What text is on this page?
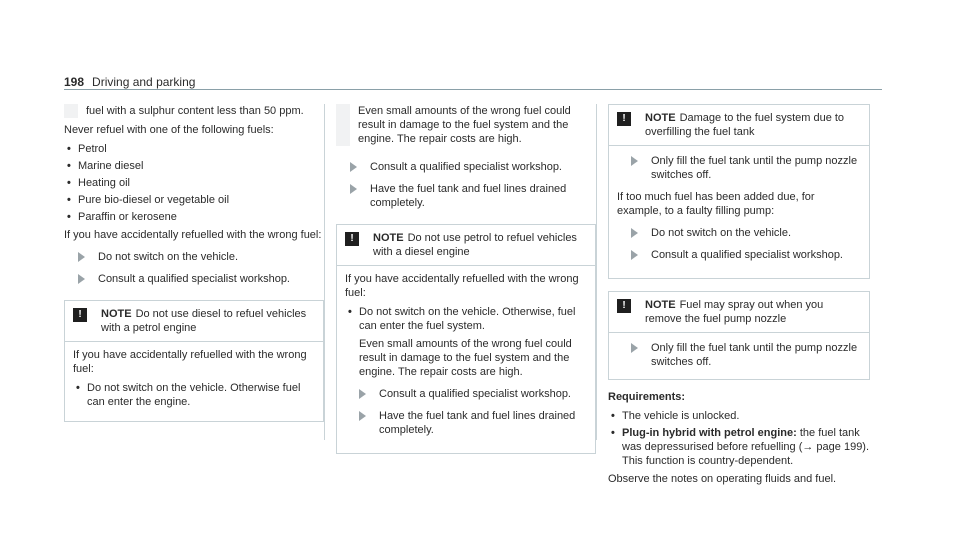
198 Driving and parking

fuel with a sulphur content less than 50 ppm.

Never refuel with one of the following fuels:

• Petrol
• Marine diesel
• Heating oil
• Pure bio-diesel or vegetable oil
• Paraffin or kerosene

If you have accidentally refuelled with the wrong fuel:

Do not switch on the vehicle.
Consult a qualified specialist workshop.
!	NOTE Do not use diesel to refuel vehicles with a petrol engine

If you have accidentally refuelled with the wrong fuel:

• Do not switch on the vehicle. Otherwise fuel can enter the engine.

Even small amounts of the wrong fuel could result in damage to the fuel system and the engine. The repair costs are high.

Consult a qualified specialist workshop.
Have the fuel tank and fuel lines drained completely.
!	NOTE Do not use petrol to refuel vehicles with a diesel engine

If you have accidentally refuelled with the wrong fuel:

• Do not switch on the vehicle. Otherwise, fuel can enter the fuel system.

Even small amounts of the wrong fuel could result in damage to the fuel system and the engine. The repair costs are high.

Consult a qualified specialist workshop.
Have the fuel tank and fuel lines drained completely.
!	NOTE Damage to the fuel system due to overfilling the fuel tank
Only fill the fuel tank until the pump nozzle switches off.

If too much fuel has been added due, for example, to a faulty filling pump:

Do not switch on the vehicle.
Consult a qualified specialist workshop.
!	NOTE Fuel may spray out when you remove the fuel pump nozzle
Only fill the fuel tank until the pump nozzle switches off.

Requirements:

• The vehicle is unlocked.
• Plug-in hybrid with petrol engine: the fuel tank was depressurised before refuelling (→ page 199). This function is country-dependent.

Observe the notes on operating fluids and fuel.
